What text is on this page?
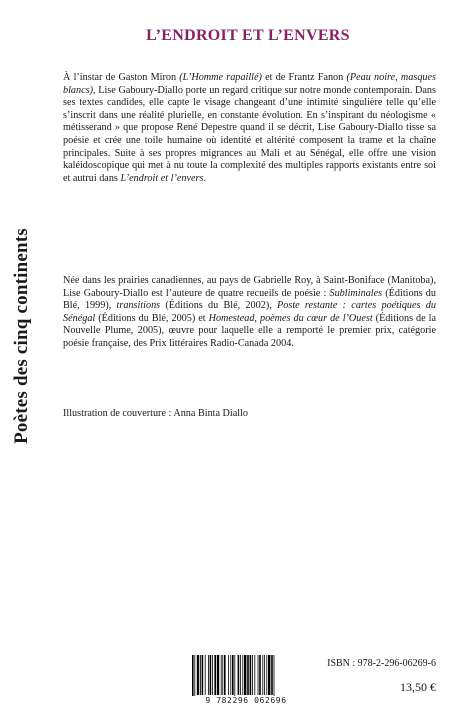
Poètes des cinq continents
L’ENDROIT ET L’ENVERS

À l’instar de Gaston Miron (L’Homme rapaillé) et de Frantz Fanon (Peau noire, masques blancs), Lise Gaboury-Diallo porte un regard critique sur notre monde contemporain. Dans ses textes candides, elle capte le visage changeant d’une intimité singulière telle qu’elle s’inscrit dans une réalité plurielle, en constante évolution. En s’inspirant du néologisme « métisserand » que propose René Depestre quand il se décrit, Lise Gaboury-Diallo tisse sa poésie et crée une toile humaine où identité et altérité composent la trame et la chaîne principales. Suite à ses propres migrances au Mali et au Sénégal, elle offre une vision kaléidoscopique qui met à nu toute la complexité des multiples rapports existants entre soi et autrui dans L’endroit et l’envers.

Née dans les prairies canadiennes, au pays de Gabrielle Roy, à Saint-Boniface (Manitoba), Lise Gaboury-Diallo est l’auteure de quatre recueils de poésie : Subliminales (Éditions du Blé, 1999), transitions (Éditions du Blé, 2002), Poste restante : cartes poétiques du Sénégal (Éditions du Blé, 2005) et Homestead, poèmes du cœur de l’Ouest (Éditions de la Nouvelle Plume, 2005), œuvre pour laquelle elle a remporté le premier prix, catégorie poésie française, des Prix littéraires Radio-Canada 2004.

Illustration de couverture : Anna Binta Diallo

9 782296 062696
ISBN : 978-2-296-06269-6
13,50 €
